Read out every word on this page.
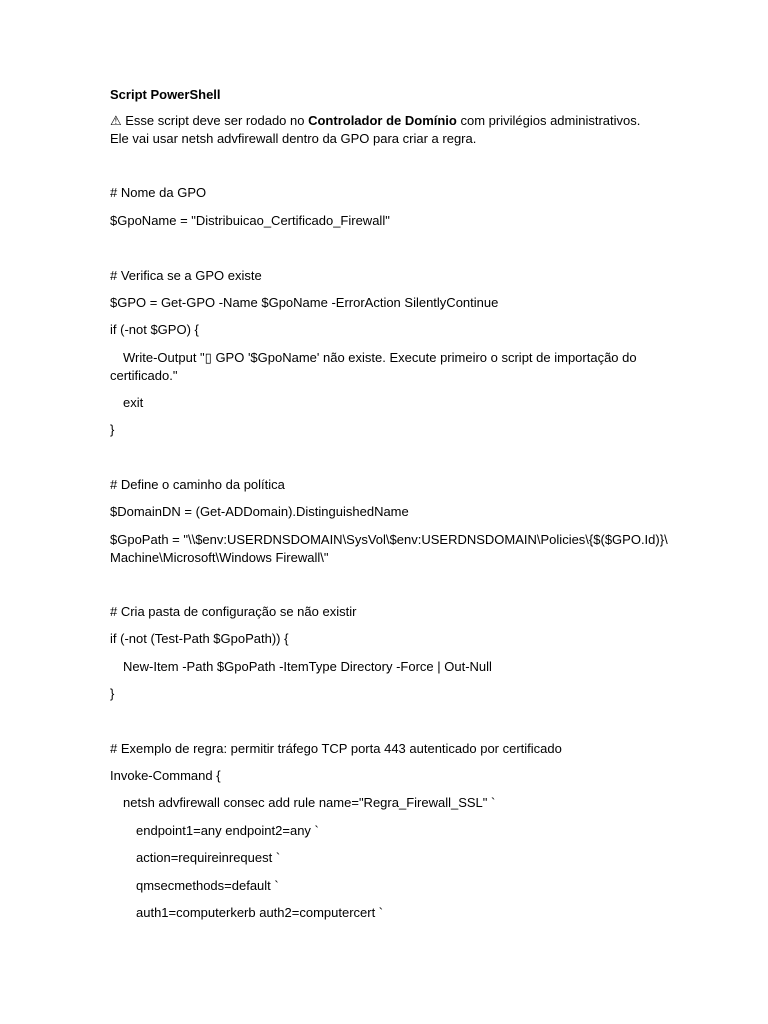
Script PowerShell

⚠ Esse script deve ser rodado no Controlador de Domínio com privilégios administrativos.

Ele vai usar netsh advfirewall dentro da GPO para criar a regra.

# Nome da GPO

$GpoName = "Distribuicao_Certificado_Firewall"

# Verifica se a GPO existe

$GPO = Get-GPO -Name $GpoName -ErrorAction SilentlyContinue

if (-not $GPO) {

Write-Output "▯ GPO '$GpoName' não existe. Execute primeiro o script de importação do

certificado."

exit

}

# Define o caminho da política

$DomainDN = (Get-ADDomain).DistinguishedName

$GpoPath = "\\$env:USERDNSDOMAIN\SysVol\$env:USERDNSDOMAIN\Policies\{$($GPO.Id)}\

Machine\Microsoft\Windows Firewall\"

# Cria pasta de configuração se não existir

if (-not (Test-Path $GpoPath)) {

New-Item -Path $GpoPath -ItemType Directory -Force | Out-Null

}

# Exemplo de regra: permitir tráfego TCP porta 443 autenticado por certificado

Invoke-Command {

netsh advfirewall consec add rule name="Regra_Firewall_SSL" `

endpoint1=any endpoint2=any `

action=requireinrequest `

qmsecmethods=default `

auth1=computerkerb auth2=computercert `
